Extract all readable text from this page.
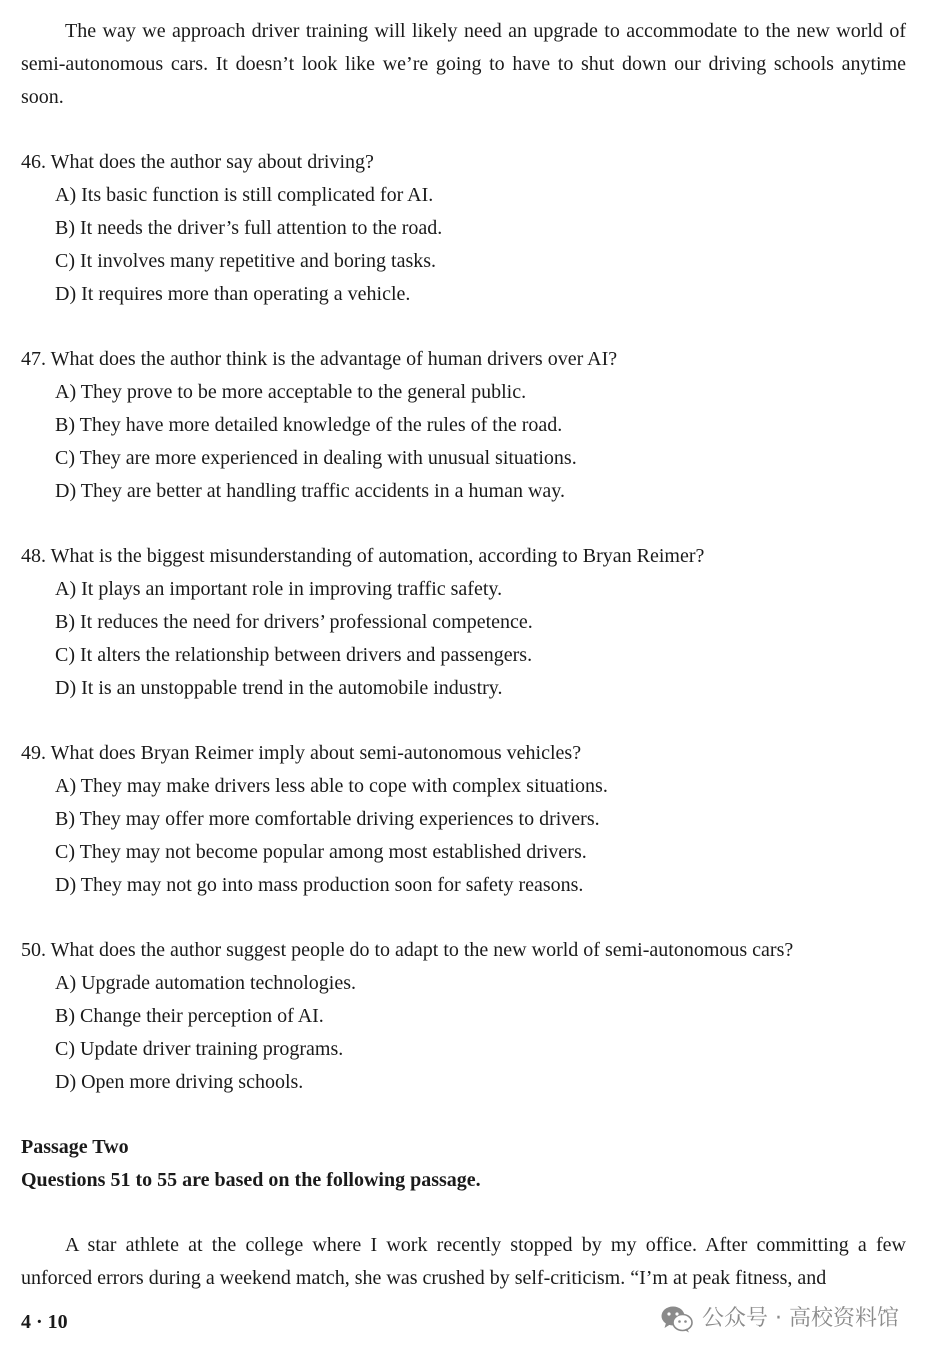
The way we approach driver training will likely need an upgrade to accommodate to the new world of semi-autonomous cars. It doesn’t look like we’re going to have to shut down our driving schools anytime soon.

46. What does the author say about driving?
A) Its basic function is still complicated for AI.
B) It needs the driver’s full attention to the road.
C) It involves many repetitive and boring tasks.
D) It requires more than operating a vehicle.
47. What does the author think is the advantage of human drivers over AI?
A) They prove to be more acceptable to the general public.
B) They have more detailed knowledge of the rules of the road.
C) They are more experienced in dealing with unusual situations.
D) They are better at handling traffic accidents in a human way.
48. What is the biggest misunderstanding of automation, according to Bryan Reimer?
A) It plays an important role in improving traffic safety.
B) It reduces the need for drivers’ professional competence.
C) It alters the relationship between drivers and passengers.
D) It is an unstoppable trend in the automobile industry.
49. What does Bryan Reimer imply about semi-autonomous vehicles?
A) They may make drivers less able to cope with complex situations.
B) They may offer more comfortable driving experiences to drivers.
C) They may not become popular among most established drivers.
D) They may not go into mass production soon for safety reasons.
50. What does the author suggest people do to adapt to the new world of semi-autonomous cars?
A) Upgrade automation technologies.
B) Change their perception of AI.
C) Update driver training programs.
D) Open more driving schools.
Passage Two
Questions 51 to 55 are based on the following passage.

A star athlete at the college where I work recently stopped by my office. After committing a few unforced errors during a weekend match, she was crushed by self-criticism. “I’m at peak fitness, and

4 · 10	公众号 · 高校资料馆
